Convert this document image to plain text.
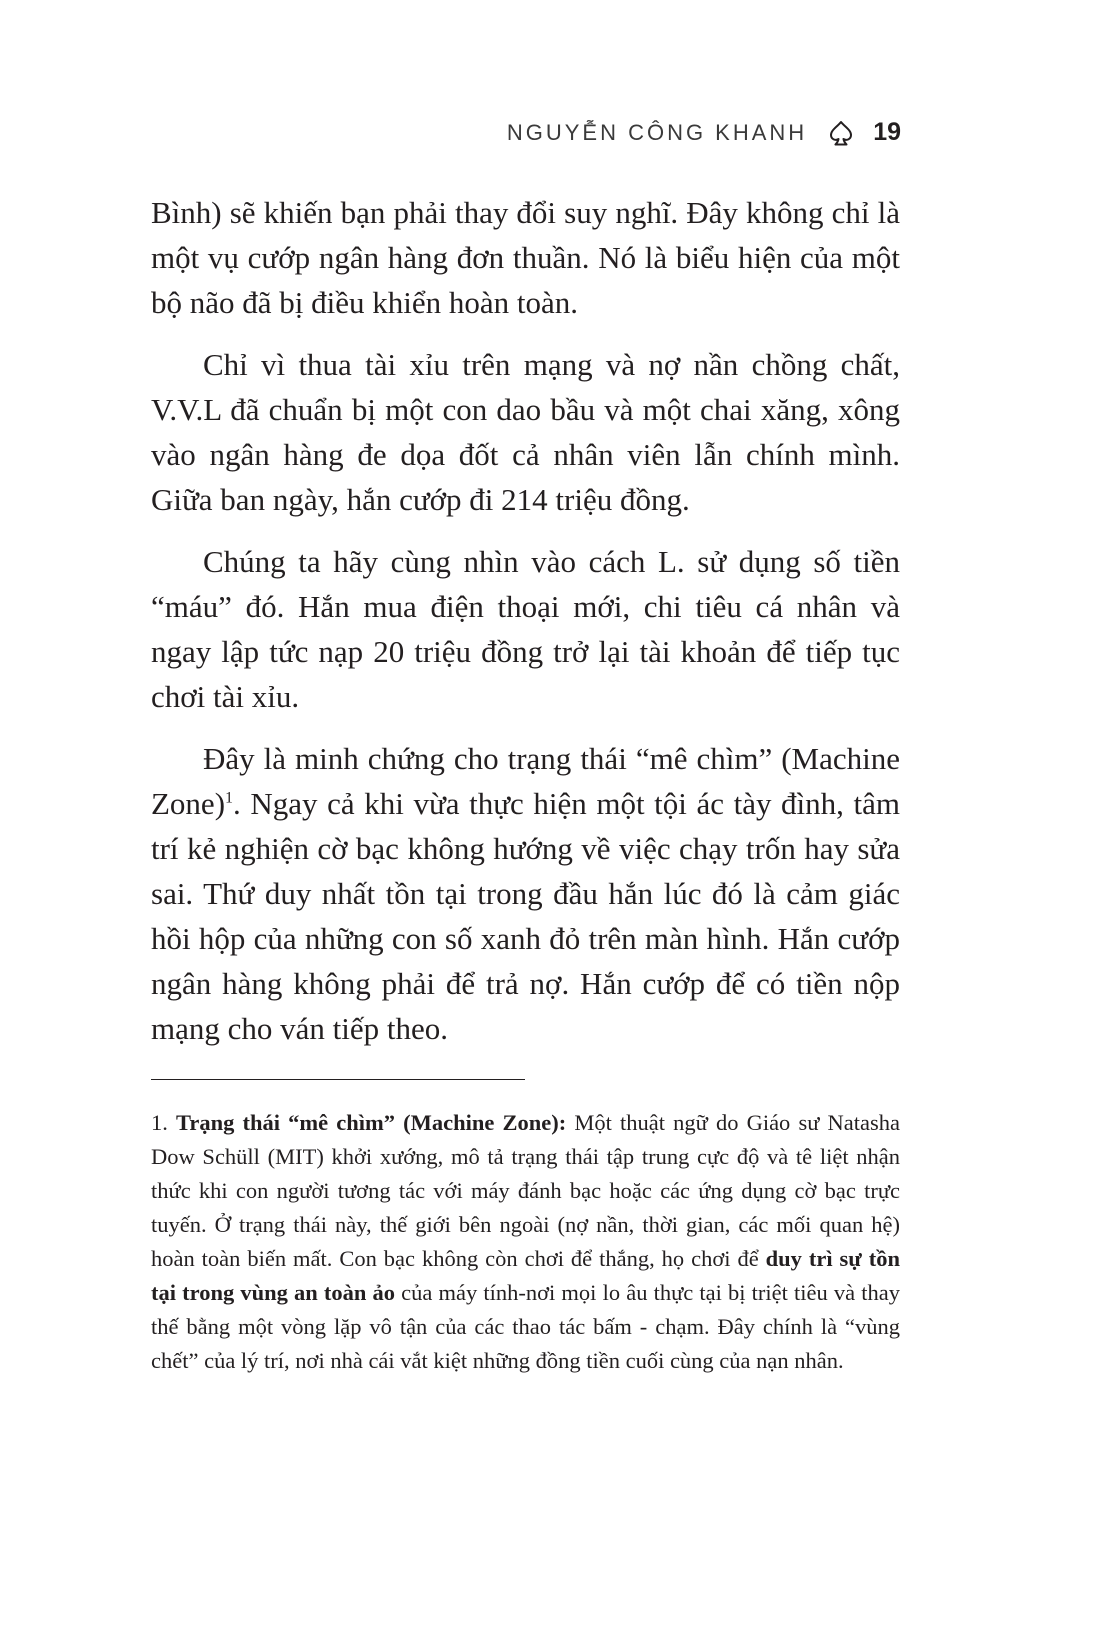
NGUYỄN CÔNG KHANH	19

Bình) sẽ khiến bạn phải thay đổi suy nghĩ. Đây không chỉ là một vụ cướp ngân hàng đơn thuần. Nó là biểu hiện của một bộ não đã bị điều khiển hoàn toàn.

Chỉ vì thua tài xỉu trên mạng và nợ nần chồng chất, V.V.L đã chuẩn bị một con dao bầu và một chai xăng, xông vào ngân hàng đe dọa đốt cả nhân viên lẫn chính mình. Giữa ban ngày, hắn cướp đi 214 triệu đồng.

Chúng ta hãy cùng nhìn vào cách L. sử dụng số tiền “máu” đó. Hắn mua điện thoại mới, chi tiêu cá nhân và ngay lập tức nạp 20 triệu đồng trở lại tài khoản để tiếp tục chơi tài xỉu.

Đây là minh chứng cho trạng thái “mê chìm” (Machine Zone)$^1$. Ngay cả khi vừa thực hiện một tội ác tày đình, tâm trí kẻ nghiện cờ bạc không hướng về việc chạy trốn hay sửa sai. Thứ duy nhất tồn tại trong đầu hắn lúc đó là cảm giác hồi hộp của những con số xanh đỏ trên màn hình. Hắn cướp ngân hàng không phải để trả nợ. Hắn cướp để có tiền nộp mạng cho ván tiếp theo.

1. Trạng thái “mê chìm” (Machine Zone): Một thuật ngữ do Giáo sư Natasha Dow Schüll (MIT) khởi xướng, mô tả trạng thái tập trung cực độ và tê liệt nhận thức khi con người tương tác với máy đánh bạc hoặc các ứng dụng cờ bạc trực tuyến. Ở trạng thái này, thế giới bên ngoài (nợ nần, thời gian, các mối quan hệ) hoàn toàn biến mất. Con bạc không còn chơi để thắng, họ chơi để duy trì sự tồn tại trong vùng an toàn ảo của máy tính-nơi mọi lo âu thực tại bị triệt tiêu và thay thế bằng một vòng lặp vô tận của các thao tác bấm - chạm. Đây chính là “vùng chết” của lý trí, nơi nhà cái vắt kiệt những đồng tiền cuối cùng của nạn nhân.
